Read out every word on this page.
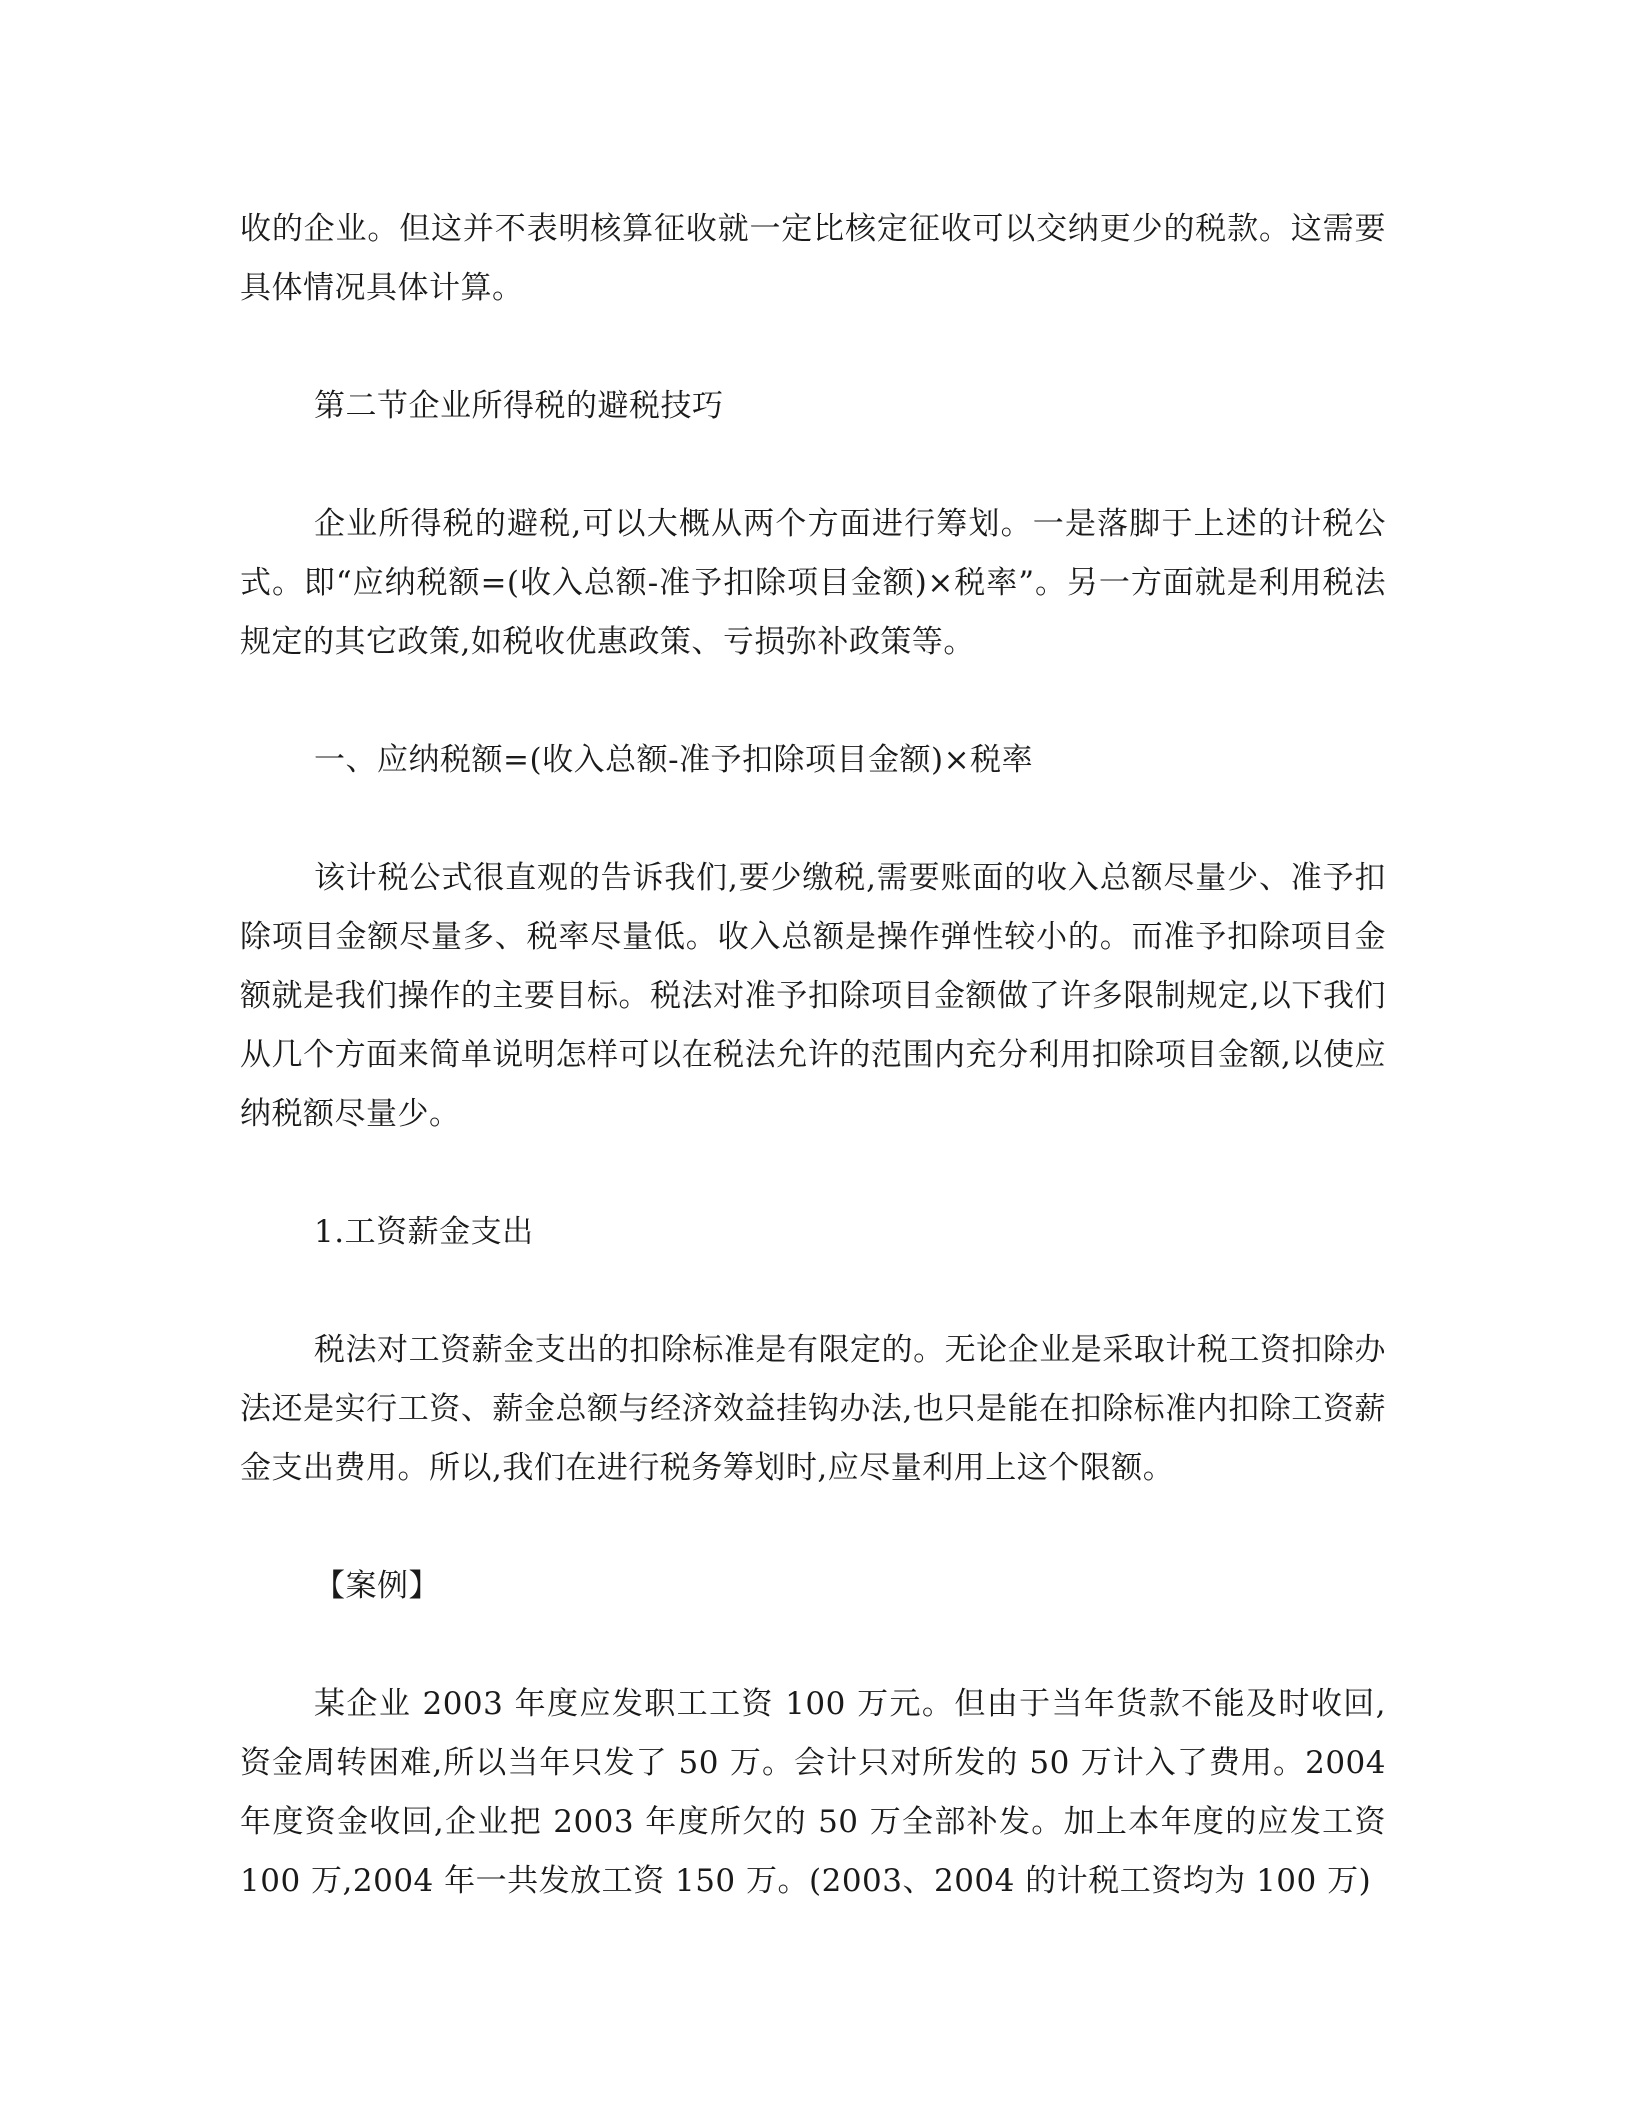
收的企业。但这并不表明核算征收就一定比核定征收可以交纳更少的税款。这需要具体情况具体计算。

第二节企业所得税的避税技巧

企业所得税的避税,可以大概从两个方面进行筹划。一是落脚于上述的计税公式。即“应纳税额=(收入总额-准予扣除项目金额)×税率”。另一方面就是利用税法规定的其它政策,如税收优惠政策、亏损弥补政策等。

一、应纳税额=(收入总额-准予扣除项目金额)×税率

该计税公式很直观的告诉我们,要少缴税,需要账面的收入总额尽量少、准予扣除项目金额尽量多、税率尽量低。收入总额是操作弹性较小的。而准予扣除项目金额就是我们操作的主要目标。税法对准予扣除项目金额做了许多限制规定,以下我们从几个方面来简单说明怎样可以在税法允许的范围内充分利用扣除项目金额,以使应纳税额尽量少。

1.工资薪金支出

税法对工资薪金支出的扣除标准是有限定的。无论企业是采取计税工资扣除办法还是实行工资、薪金总额与经济效益挂钩办法,也只是能在扣除标准内扣除工资薪金支出费用。所以,我们在进行税务筹划时,应尽量利用上这个限额。

【案例】

某企业 2003 年度应发职工工资 100 万元。但由于当年货款不能及时收回,资金周转困难,所以当年只发了 50 万。会计只对所发的 50 万计入了费用。2004 年度资金收回,企业把 2003 年度所欠的 50 万全部补发。加上本年度的应发工资 100 万,2004 年一共发放工资 150 万。(2003、2004 的计税工资均为 100 万)
